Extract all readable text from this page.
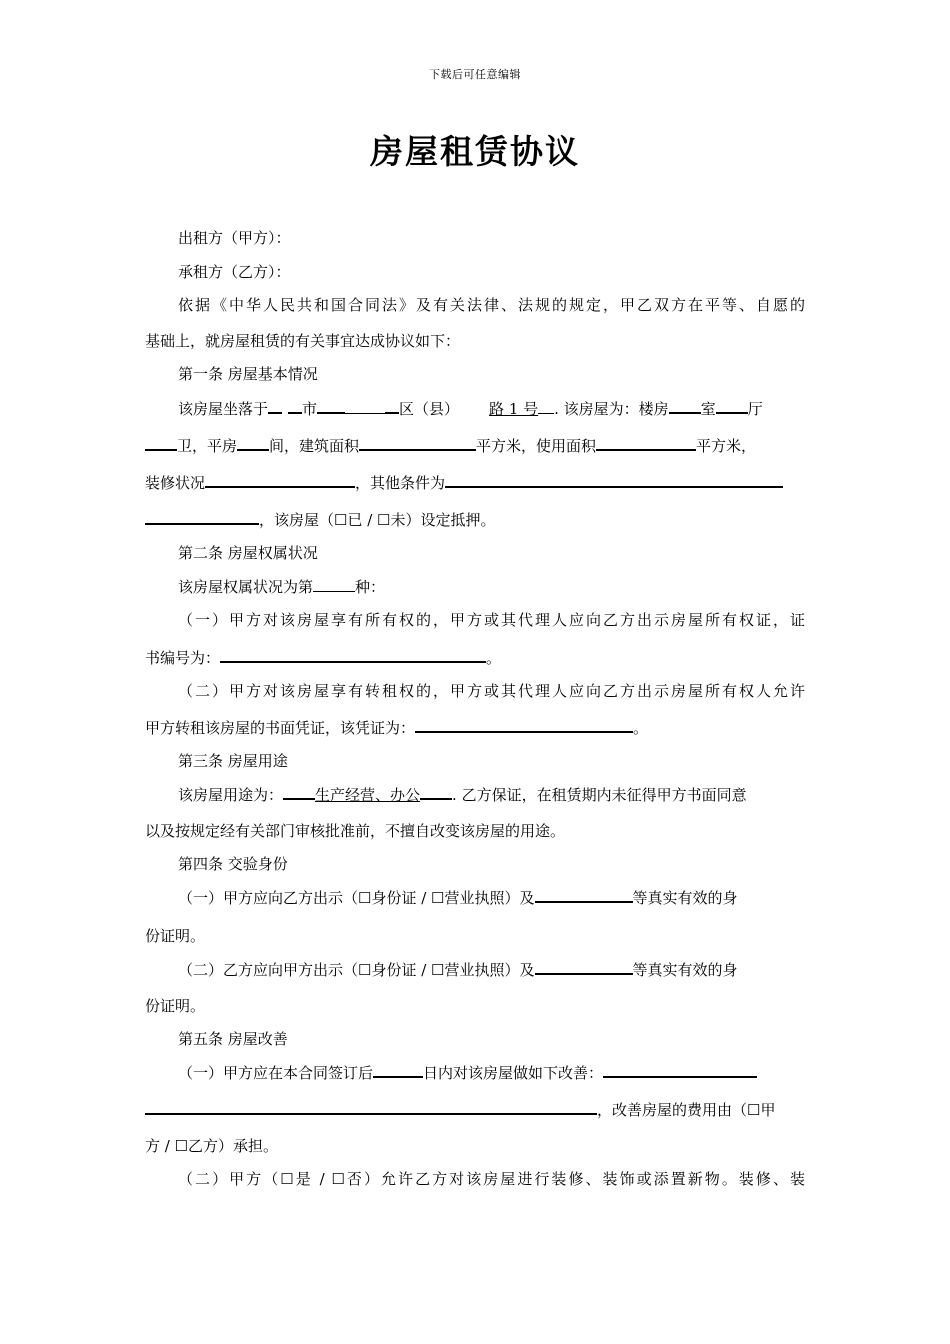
下载后可任意编辑
房屋租赁协议
出租方（甲方）：
承租方（乙方）：
依据《中华人民共和国合同法》及有关法律、法规的规定，甲乙双方在平等、自愿的
基础上，就房屋租赁的有关事宜达成协议如下：
第一条 房屋基本情况
该房屋坐落于 市	区（县） 路 1 号 . 该房屋为：楼房 室 厅
卫，平房 间，建筑面积	平方米，使用面积	平方米，
装修状况	，其他条件为
，该房屋（☐已 / ☐未）设定抵押。
第二条 房屋权属状况
该房屋权属状况为第	种：
（一）甲方对该房屋享有所有权的，甲方或其代理人应向乙方出示房屋所有权证，证
书编号为：	。
（二）甲方对该房屋享有转租权的，甲方或其代理人应向乙方出示房屋所有权人允许
甲方转租该房屋的书面凭证，该凭证为：	。
第三条 房屋用途
该房屋用途为： 生产经营、办公 . 乙方保证，在租赁期内未征得甲方书面同意
以及按规定经有关部门审核批准前，不擅自改变该房屋的用途。
第四条 交验身份
（一）甲方应向乙方出示（☐身份证 / ☐营业执照）及	等真实有效的身
份证明。
（二）乙方应向甲方出示（☐身份证 / ☐营业执照）及	等真实有效的身
份证明。
第五条 房屋改善
（一）甲方应在本合同签订后	日内对该房屋做如下改善：
，改善房屋的费用由（☐甲
方 / ☐乙方）承担。
（二）甲方（☐是 / ☐否）允许乙方对该房屋进行装修、装饰或添置新物。装修、装
